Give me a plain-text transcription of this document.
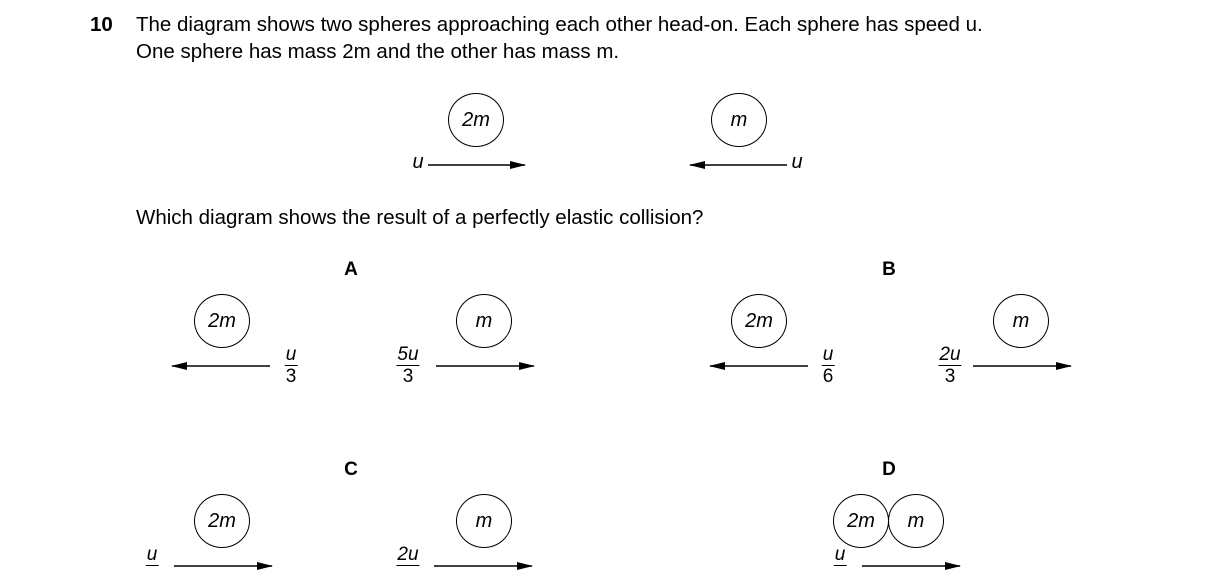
10 The diagram shows two spheres approaching each other head-on. Each sphere has speed u.
One sphere has mass 2m and the other has mass m.
2m	m
u	u
Which diagram shows the result of a perfectly elastic collision?
A	B
C	D
2m	m
u
3
5u
3
2m	m
u
6
2u
3
2m	m
u	2u
2m m
u
